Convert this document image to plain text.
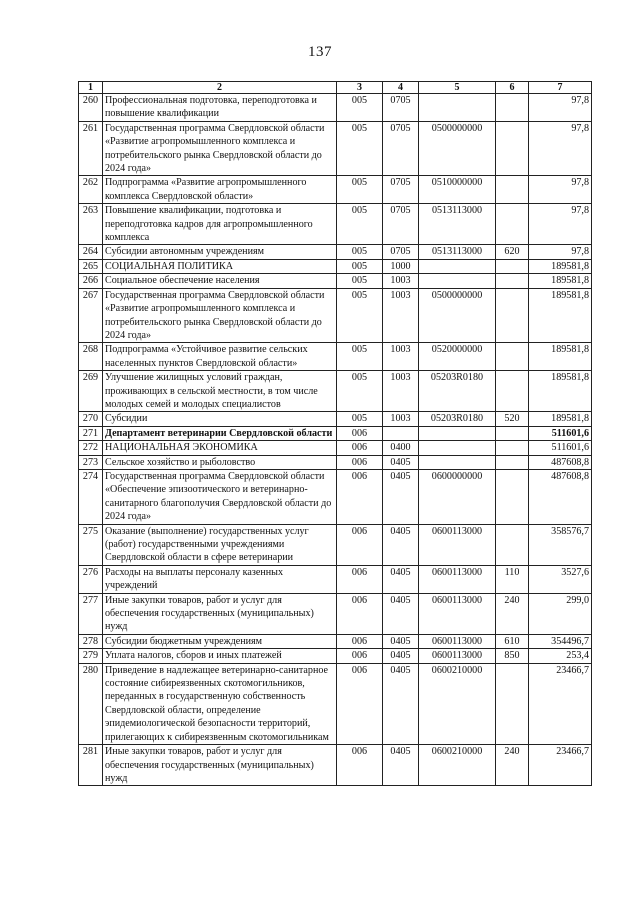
137
1	2	3	4	5	6	7
260	Профессиональная подготовка, переподготовка и повышение квалификации	005	0705			97,8
261	Государственная программа Свердловской области «Развитие агропромышленного комплекса и потребительского рынка Свердловской области до 2024 года»	005	0705	0500000000		97,8
262	Подпрограмма «Развитие агропромышленного комплекса Свердловской области»	005	0705	0510000000		97,8
263	Повышение квалификации, подготовка и переподготовка кадров для агропромышленного комплекса	005	0705	0513113000		97,8
264	Субсидии автономным учреждениям	005	0705	0513113000	620	97,8
265	СОЦИАЛЬНАЯ ПОЛИТИКА	005	1000			189581,8
266	Социальное обеспечение населения	005	1003			189581,8
267	Государственная программа Свердловской области «Развитие агропромышленного комплекса и потребительского рынка Свердловской области до 2024 года»	005	1003	0500000000		189581,8
268	Подпрограмма «Устойчивое развитие сельских населенных пунктов Свердловской области»	005	1003	0520000000		189581,8
269	Улучшение жилищных условий граждан, проживающих в сельской местности, в том числе молодых семей и молодых специалистов	005	1003	05203R0180		189581,8
270	Субсидии	005	1003	05203R0180	520	189581,8
271	Департамент ветеринарии Свердловской области	006				511601,6
272	НАЦИОНАЛЬНАЯ ЭКОНОМИКА	006	0400			511601,6
273	Сельское хозяйство и рыболовство	006	0405			487608,8
274	Государственная программа Свердловской области «Обеспечение эпизоотического и ветеринарно-санитарного благополучия Свердловской области до 2024 года»	006	0405	0600000000		487608,8
275	Оказание (выполнение) государственных услуг (работ) государственными учреждениями Свердловской области в сфере ветеринарии	006	0405	0600113000		358576,7
276	Расходы на выплаты персоналу казенных учреждений	006	0405	0600113000	110	3527,6
277	Иные закупки товаров, работ и услуг для обеспечения государственных (муниципальных) нужд	006	0405	0600113000	240	299,0
278	Субсидии бюджетным учреждениям	006	0405	0600113000	610	354496,7
279	Уплата налогов, сборов и иных платежей	006	0405	0600113000	850	253,4
280	Приведение в надлежащее ветеринарно-санитарное состояние сибиреязвенных скотомогильников, переданных в государственную собственность Свердловской области, определение эпидемиологической безопасности территорий, прилегающих к сибиреязвенным скотомогильникам	006	0405	0600210000		23466,7
281	Иные закупки товаров, работ и услуг для обеспечения государственных (муниципальных) нужд	006	0405	0600210000	240	23466,7
